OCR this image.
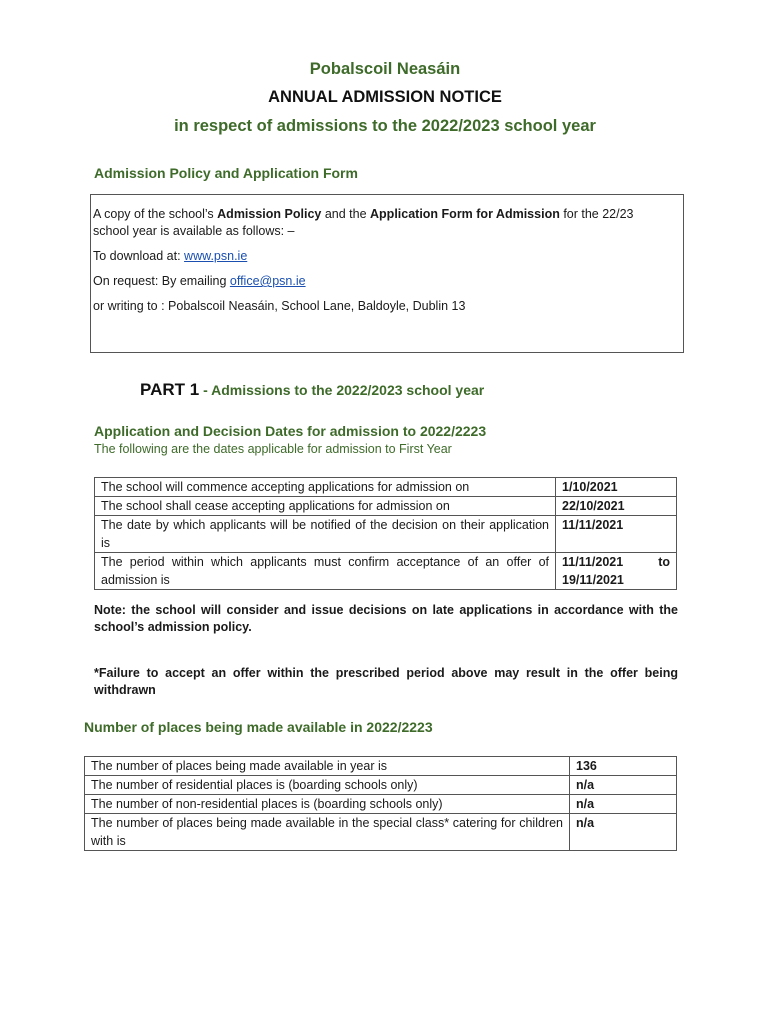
Pobalscoil Neasáin
ANNUAL ADMISSION NOTICE
in respect of admissions to the 2022/2023 school year
Admission Policy and Application Form

A copy of the school’s Admission Policy and the Application Form for Admission for the 22/23 school year is available as follows: –

To download at: www.psn.ie

On request: By emailing office@psn.ie

or writing to : Pobalscoil Neasáin, School Lane, Baldoyle, Dublin 13

PART 1 - Admissions to the 2022/2023 school year
Application and Decision Dates for admission to 2022/2223
The following are the dates applicable for admission to First Year
The school will commence accepting applications for admission on	1/10/2021
The school shall cease accepting applications for admission on	22/10/2021
The date by which applicants will be notified of the decision on their application is	11/11/2021
The period within which applicants must confirm acceptance of an offer of admission is	11/11/2021 to
19/11/2021
Note: the school will consider and issue decisions on late applications in accordance with the school’s admission policy.
*Failure to accept an offer within the prescribed period above may result in the offer being withdrawn
Number of places being made available in 2022/2223
The number of places being made available in year is	136
The number of residential places is (boarding schools only)	n/a
The number of non-residential places is (boarding schools only)	n/a
The number of places being made available in the special class* catering for children with is	n/a
